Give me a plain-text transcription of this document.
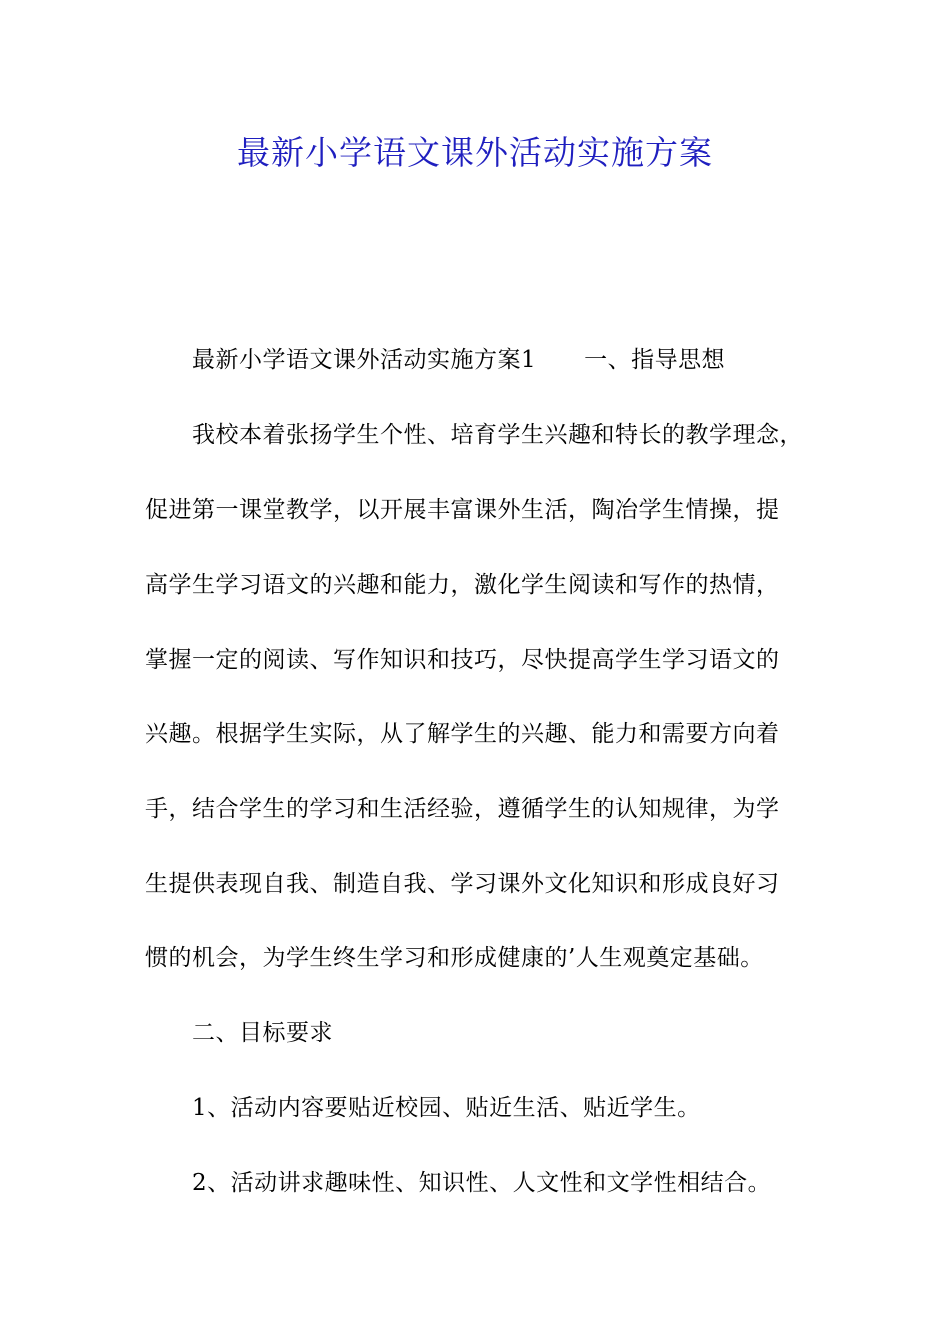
最新小学语文课外活动实施方案
最新小学语文课外活动实施方案1 一、指导思想
我校本着张扬学生个性、培育学生兴趣和特长的教学理念，
促进第一课堂教学，以开展丰富课外生活，陶冶学生情操，提
高学生学习语文的兴趣和能力，激化学生阅读和写作的热情，
掌握一定的阅读、写作知识和技巧，尽快提高学生学习语文的
兴趣。根据学生实际，从了解学生的兴趣、能力和需要方向着
手，结合学生的学习和生活经验，遵循学生的认知规律，为学
生提供表现自我、制造自我、学习课外文化知识和形成良好习
惯的机会，为学生终生学习和形成健康的’人生观奠定基础。
二、目标要求
1、活动内容要贴近校园、贴近生活、贴近学生。
2、活动讲求趣味性、知识性、人文性和文学性相结合。
